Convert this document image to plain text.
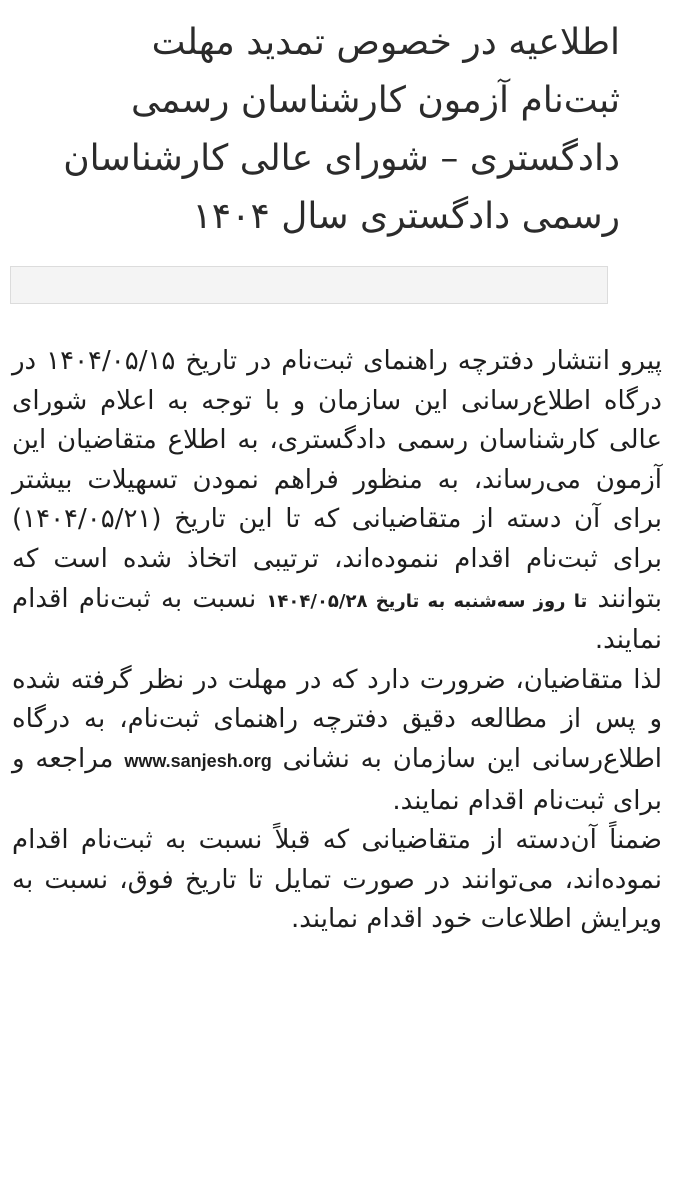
اطلاعیه در خصوص تمدید مهلت
ثبت‌نام آزمون کارشناسان رسمی
دادگستری – شورای عالی کارشناسان
رسمی دادگستری سال ۱۴۰۴
پیرو انتشار دفترچه راهنمای ثبت‌نام در تاریخ ۱۴۰۴/۰۵/۱۵ در درگاه اطلاع‌رسانی این سازمان و با توجه به اعلام شورای عالی کارشناسان رسمی دادگستری، به اطلاع متقاضیان این آزمون می‌رساند، به منظور فراهم نمودن تسهیلات بیشتر برای آن دسته از متقاضیانی که تا این تاریخ (۱۴۰۴/۰۵/۲۱) برای ثبت‌نام اقدام ننموده‌اند، ترتیبی اتخاذ شده است که بتوانند تا روز سه‌شنبه به تاریخ ۱۴۰۴/۰۵/۲۸ نسبت به ثبت‌نام اقدام نمایند.
لذا متقاضیان، ضرورت دارد که در مهلت در نظر گرفته شده و پس از مطالعه دقیق دفترچه راهنمای ثبت‌نام، به درگاه اطلاع‌رسانی این سازمان به نشانی www.sanjesh.org مراجعه و برای ثبت‌نام اقدام نمایند.
ضمناً آن‌دسته از متقاضیانی که قبلاً نسبت به ثبت‌نام اقدام نموده‌اند، می‌توانند در صورت تمایل تا تاریخ فوق، نسبت به ویرایش اطلاعات خود اقدام نمایند.
